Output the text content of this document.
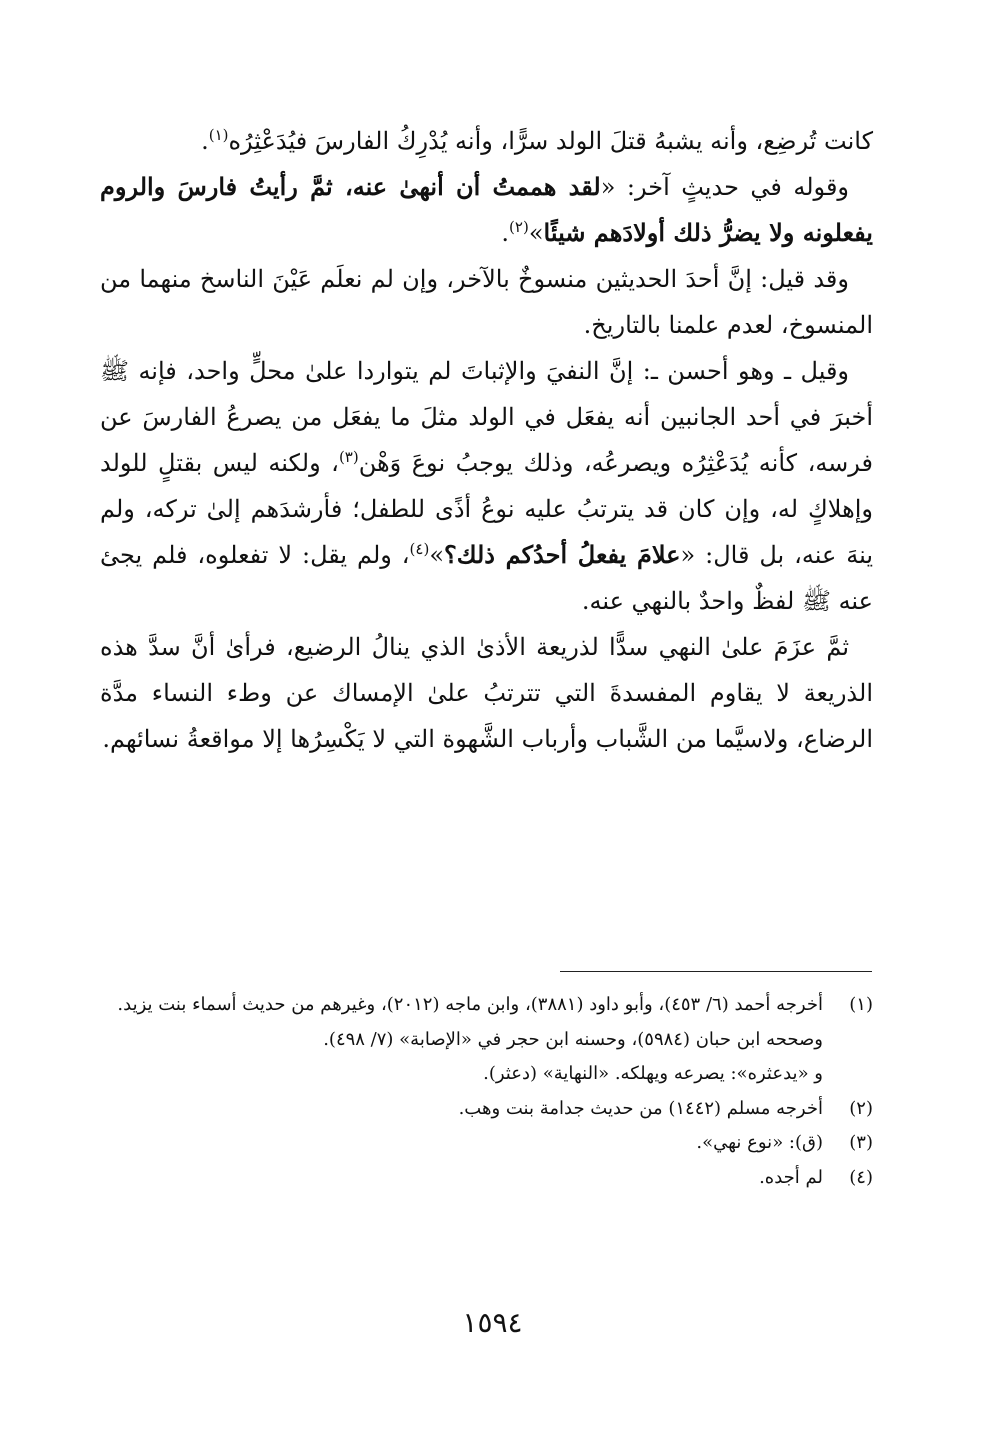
كانت تُرضِع، وأنه يشبهُ قتلَ الولد سرًّا، وأنه يُدْرِكُ الفارسَ فيُدَعْثِرُه$^{(١)}$.

وقوله في حديثٍ آخر: «لقد هممتُ أن أنهىٰ عنه، ثمَّ رأيتُ فارسَ والروم يفعلونه ولا يضرُّ ذلك أولادَهم شيئًا»$^{(٢)}$.

وقد قيل: إنَّ أحدَ الحديثين منسوخٌ بالآخر، وإن لم نعلَم عَيْنَ الناسخ منهما من المنسوخ، لعدم علمنا بالتاريخ.

وقيل ـ وهو أحسن ـ: إنَّ النفيَ والإثباتَ لم يتواردا علىٰ محلٍّ واحد، فإنه ﷺ أخبرَ في أحد الجانبين أنه يفعَل في الولد مثلَ ما يفعَل من يصرعُ الفارسَ عن فرسه، كأنه يُدَعْثِرُه ويصرعُه، وذلك يوجبُ نوعَ وَهْن$^{(٣)}$، ولكنه ليس بقتلٍ للولد وإهلاكٍ له، وإن كان قد يترتبُ عليه نوعُ أذًى للطفل؛ فأرشدَهم إلىٰ تركه، ولم ينهَ عنه، بل قال: «علامَ يفعلُ أحدُكم ذلك؟»$^{(٤)}$، ولم يقل: لا تفعلوه، فلم يجئ عنه ﷺ لفظٌ واحدٌ بالنهي عنه.

ثمَّ عزَمَ علىٰ النهي سدًّا لذريعة الأذىٰ الذي ينالُ الرضيع، فرأىٰ أنَّ سدَّ هذه الذريعة لا يقاوم المفسدةَ التي تترتبُ علىٰ الإمساك عن وطء النساء مدَّة الرضاع، ولاسيَّما من الشَّباب وأرباب الشَّهوة التي لا يَكْسِرُها إلا مواقعةُ نسائهم.

(١)
أخرجه أحمد (٦/ ٤٥٣)، وأبو داود (٣٨٨١)، وابن ماجه (٢٠١٢)، وغيرهم من حديث أسماء بنت يزيد.

وصححه ابن حبان (٥٩٨٤)، وحسنه ابن حجر في «الإصابة» (٧/ ٤٩٨).

و «يدعثره»: يصرعه ويهلكه. «النهاية» (دعثر).

(٢)
أخرجه مسلم (١٤٤٢) من حديث جدامة بنت وهب.
(٣)
(ق): «نوع نهي».
(٤)
لم أجده.
١٥٩٤
